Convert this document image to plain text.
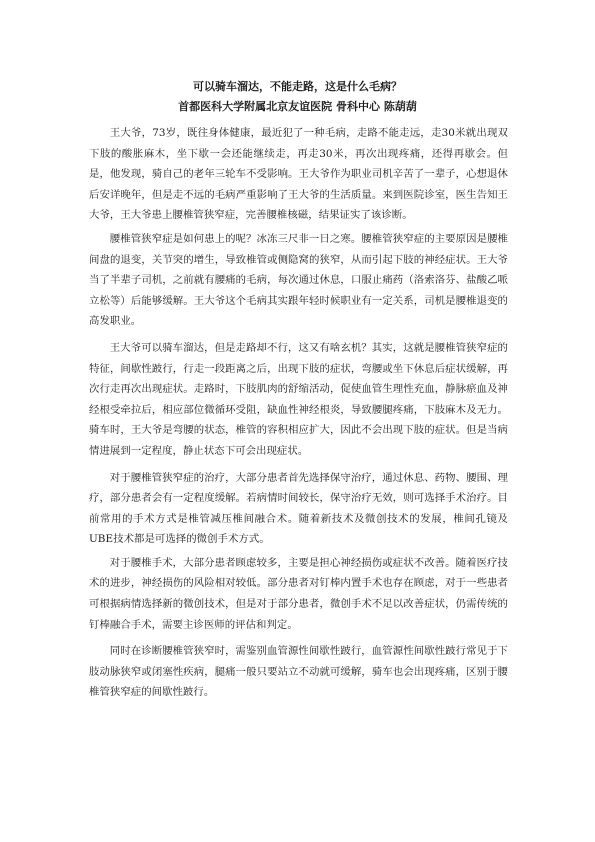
可以骑车溜达，不能走路，这是什么毛病？
首都医科大学附属北京友谊医院 骨科中心 陈葫葫

王大爷，73岁，既往身体健康，最近犯了一种毛病，走路不能走远，走30米就出现双下肢的酸胀麻木，坐下歇一会还能继续走，再走30米，再次出现疼痛，还得再歇会。但是，他发现，骑自己的老年三轮车不受影响。王大爷作为职业司机辛苦了一辈子，心想退休后安详晚年，但是走不远的毛病严重影响了王大爷的生活质量。来到医院诊室，医生告知王大爷，王大爷患上腰椎管狭窄症，完善腰椎核磁，结果证实了该诊断。

腰椎管狭窄症是如何患上的呢？冰冻三尺非一日之寒。腰椎管狭窄症的主要原因是腰椎间盘的退变，关节突的增生，导致椎管或侧隐窝的狭窄，从而引起下肢的神经症状。王大爷当了半辈子司机，之前就有腰痛的毛病，每次通过休息，口服止痛药（洛索洛芬、盐酸乙哌立松等）后能够缓解。王大爷这个毛病其实跟年轻时候职业有一定关系，司机是腰椎退变的高发职业。

王大爷可以骑车溜达，但是走路却不行，这又有啥玄机？其实，这就是腰椎管狭窄症的特征，间歇性跛行，行走一段距离之后，出现下肢的症状，弯腰或坐下休息后症状缓解，再次行走再次出现症状。走路时，下肢肌肉的舒缩活动，促使血管生理性充血，静脉瘀血及神经根受牵拉后，相应部位微循环受阻，缺血性神经根炎，导致腰腿疼痛，下肢麻木及无力。骑车时，王大爷是弯腰的状态，椎管的容积相应扩大，因此不会出现下肢的症状。但是当病情进展到一定程度，静止状态下可会出现症状。

对于腰椎管狭窄症的治疗，大部分患者首先选择保守治疗，通过休息、药物、腰围、理疗，部分患者会有一定程度缓解。若病情时间较长，保守治疗无效，则可选择手术治疗。目前常用的手术方式是椎管减压椎间融合术。随着新技术及微创技术的发展，椎间孔镜及UBE技术都是可选择的微创手术方式。

对于腰椎手术，大部分患者顾虑较多，主要是担心神经损伤或症状不改善。随着医疗技术的进步，神经损伤的风险相对较低。部分患者对钉棒内置手术也存在顾虑，对于一些患者可根据病情选择新的微创技术，但是对于部分患者，微创手术不足以改善症状，仍需传统的钉棒融合手术，需要主诊医师的评估和判定。

同时在诊断腰椎管狭窄时，需鉴别血管源性间歇性跛行，血管源性间歇性跛行常见于下肢动脉狭窄或闭塞性疾病，腿痛一般只要站立不动就可缓解，骑车也会出现疼痛，区别于腰椎管狭窄症的间歇性跛行。
